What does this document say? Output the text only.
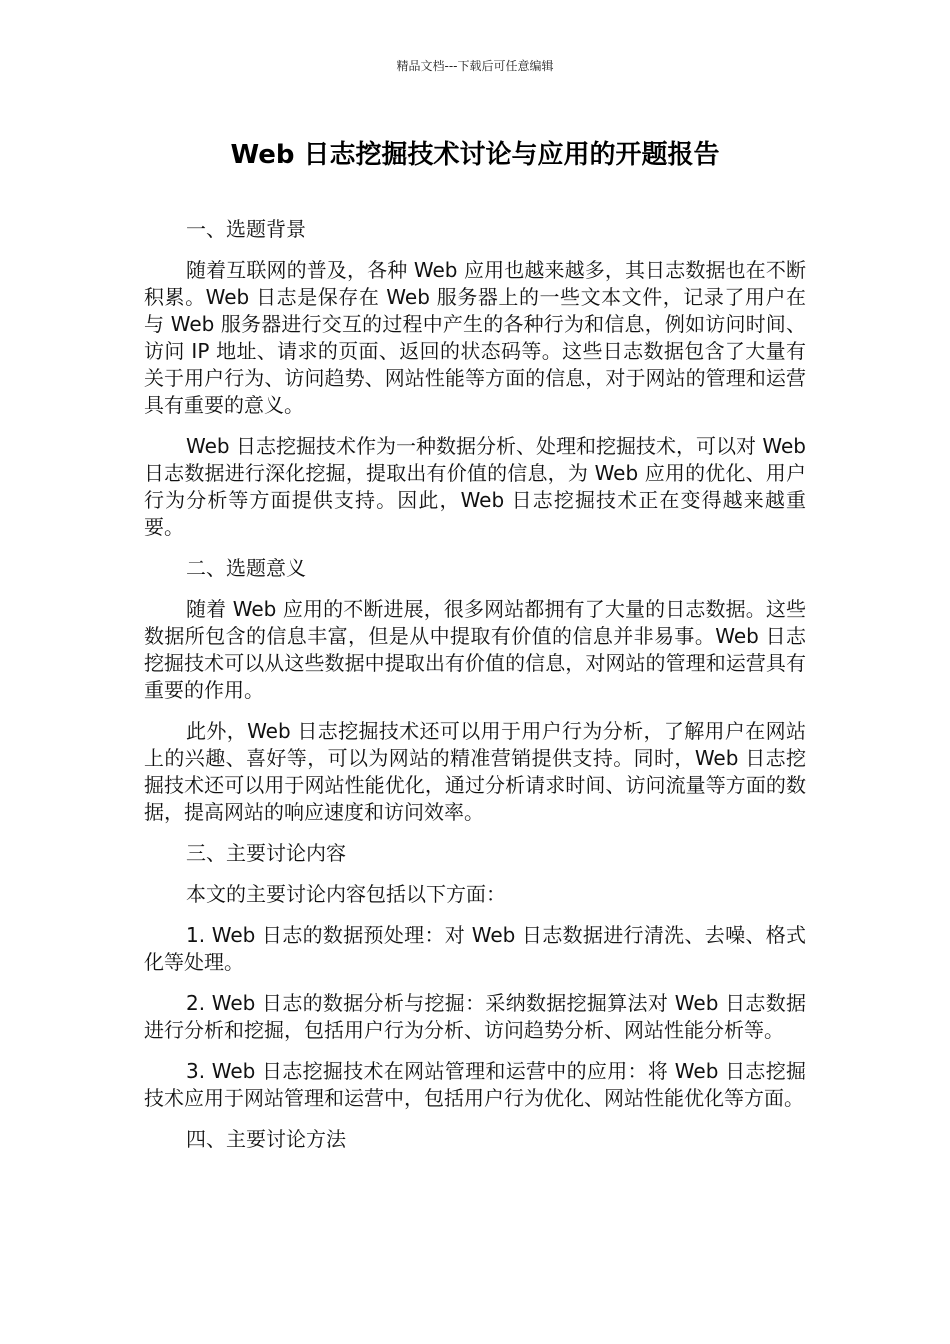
精品文档---下载后可任意编辑
Web 日志挖掘技术讨论与应用的开题报告

一、选题背景

随着互联网的普及，各种 Web 应用也越来越多，其日志数据也在不断积累。Web 日志是保存在 Web 服务器上的一些文本文件，记录了用户在与 Web 服务器进行交互的过程中产生的各种行为和信息，例如访问时间、访问 IP 地址、请求的页面、返回的状态码等。这些日志数据包含了大量有关于用户行为、访问趋势、网站性能等方面的信息，对于网站的管理和运营具有重要的意义。

Web 日志挖掘技术作为一种数据分析、处理和挖掘技术，可以对 Web 日志数据进行深化挖掘，提取出有价值的信息，为 Web 应用的优化、用户行为分析等方面提供支持。因此，Web 日志挖掘技术正在变得越来越重要。

二、选题意义

随着 Web 应用的不断进展，很多网站都拥有了大量的日志数据。这些数据所包含的信息丰富，但是从中提取有价值的信息并非易事。Web 日志挖掘技术可以从这些数据中提取出有价值的信息，对网站的管理和运营具有重要的作用。

此外，Web 日志挖掘技术还可以用于用户行为分析，了解用户在网站上的兴趣、喜好等，可以为网站的精准营销提供支持。同时，Web 日志挖掘技术还可以用于网站性能优化，通过分析请求时间、访问流量等方面的数据，提高网站的响应速度和访问效率。

三、主要讨论内容

本文的主要讨论内容包括以下方面：

1. Web 日志的数据预处理：对 Web 日志数据进行清洗、去噪、格式化等处理。

2. Web 日志的数据分析与挖掘：采纳数据挖掘算法对 Web 日志数据进行分析和挖掘，包括用户行为分析、访问趋势分析、网站性能分析等。

3. Web 日志挖掘技术在网站管理和运营中的应用：将 Web 日志挖掘技术应用于网站管理和运营中，包括用户行为优化、网站性能优化等方面。

四、主要讨论方法
